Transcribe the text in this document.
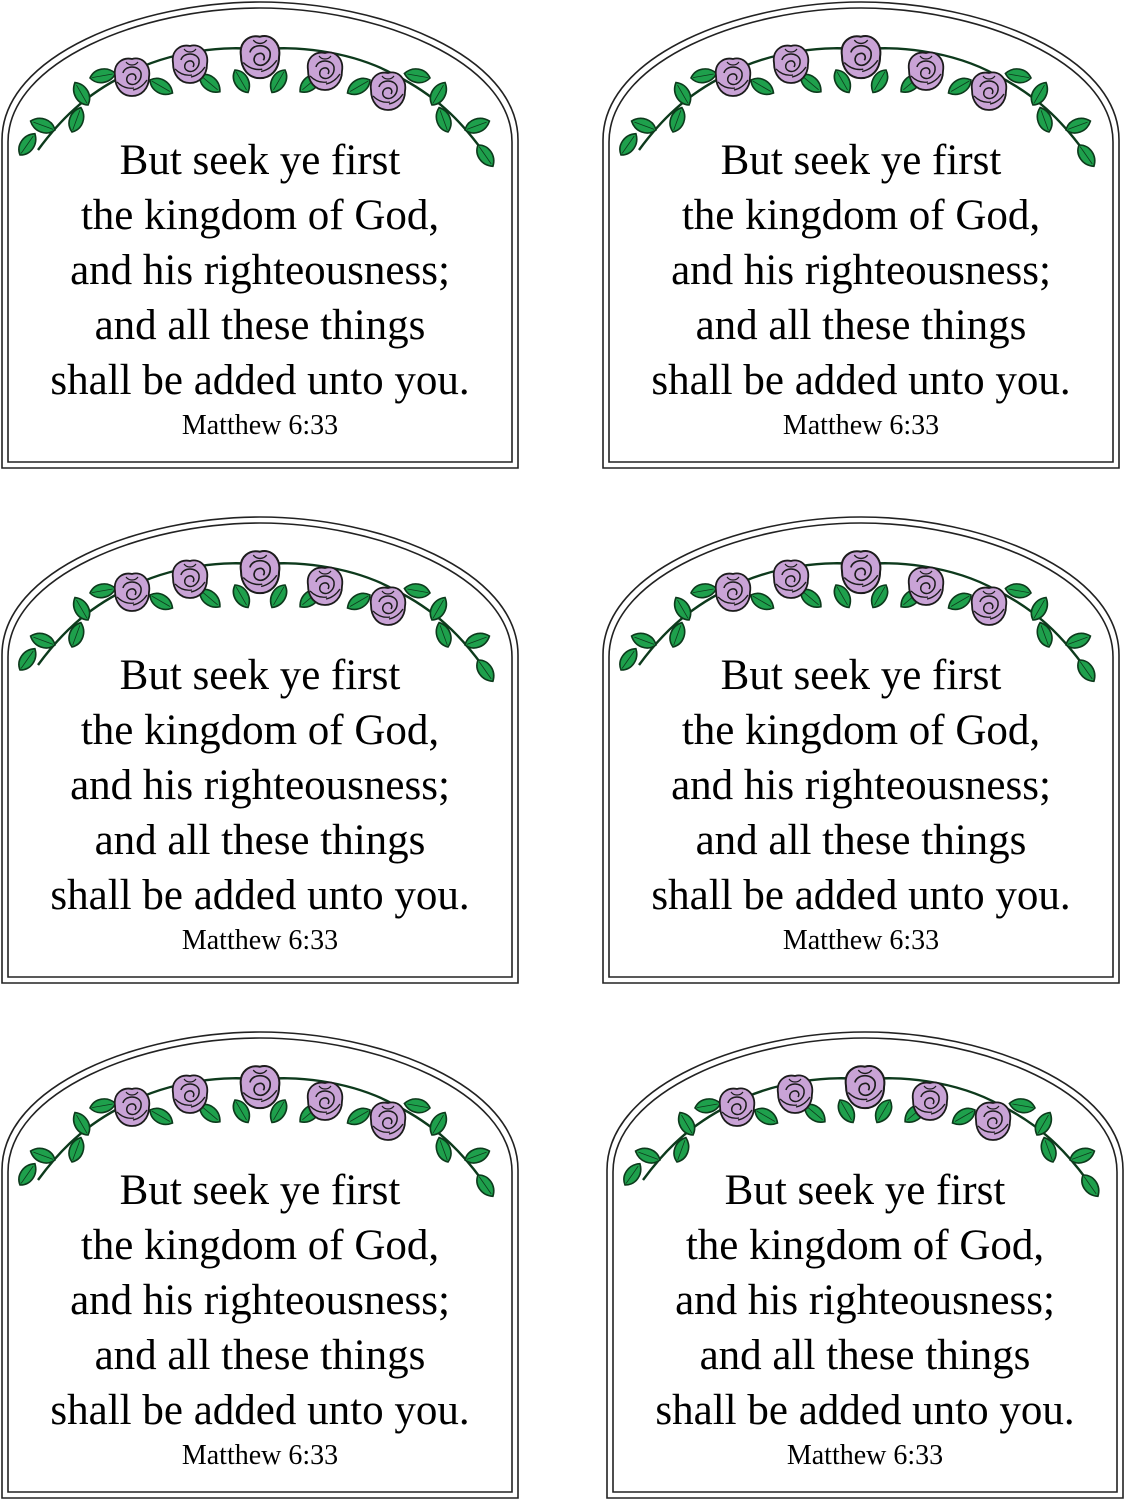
But seek ye first
the kingdom of God,
and his righteousness;
and all these things
shall be added unto you.
Matthew 6:33
But seek ye first
the kingdom of God,
and his righteousness;
and all these things
shall be added unto you.
Matthew 6:33
But seek ye first
the kingdom of God,
and his righteousness;
and all these things
shall be added unto you.
Matthew 6:33
But seek ye first
the kingdom of God,
and his righteousness;
and all these things
shall be added unto you.
Matthew 6:33
But seek ye first
the kingdom of God,
and his righteousness;
and all these things
shall be added unto you.
Matthew 6:33
But seek ye first
the kingdom of God,
and his righteousness;
and all these things
shall be added unto you.
Matthew 6:33
